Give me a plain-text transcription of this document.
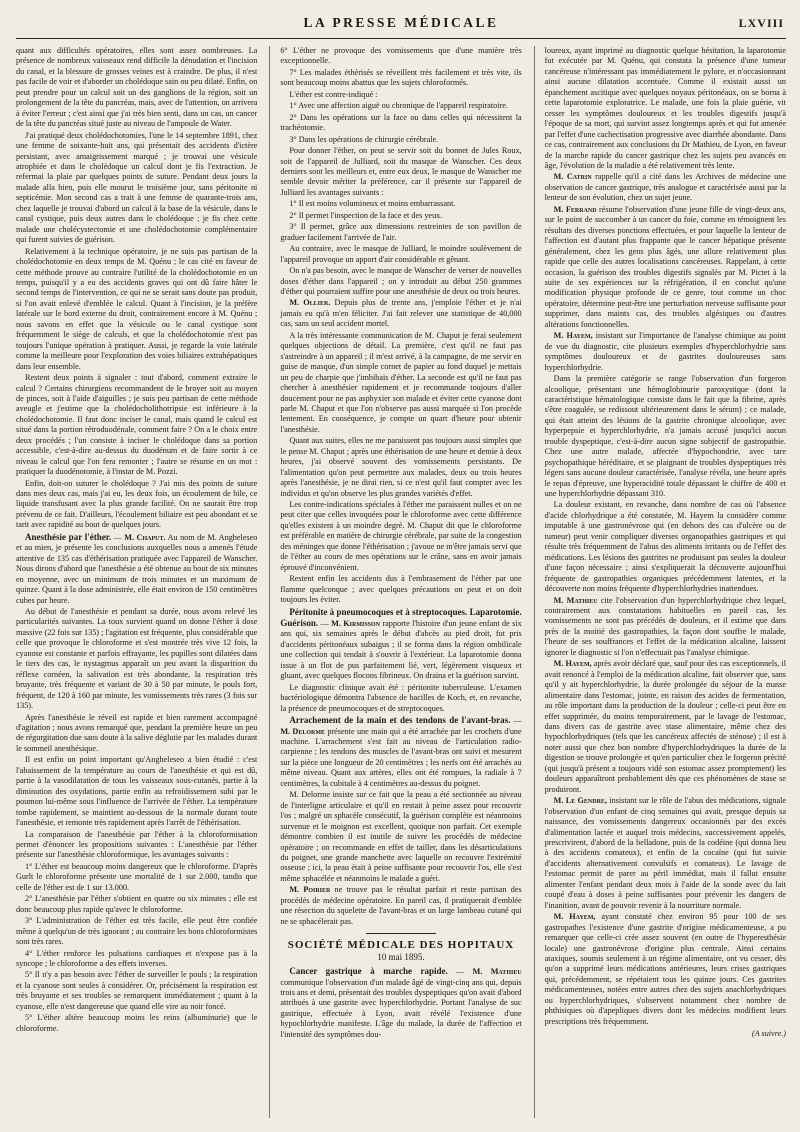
LA PRESSE MÉDICALE	LXVIII

quant aux difficultés opératoires, elles sont assez nombreuses. La présence de nombreux vaisseaux rend difficile la dénudation et l'incision du canal, et la blessure de grosses veines est à craindre. De plus, il n'est pas facile de voir et d'aborder un cholédoque sain ou peu dilaté. Enfin, on peut prendre pour un calcul soit un des ganglions de la région, soit un prolongement de la tête du pancréas, mais, avec de l'attention, on arrivera à éviter l'erreur ; c'est ainsi que j'ai très bien senti, dans un cas, un cancer de la tête du pancréas situé juste au niveau de l'ampoule de Water.

J'ai pratiqué deux cholédochotomies, l'une le 14 septembre 1891, chez une femme de soixante-huit ans, qui présentait des accidents d'ictère persistant, avec amaigrissement marqué ; je trouvai une vésicule atrophiée et dans le cholédoque un calcul dont je fis l'extraction. Je refermai la plaie par quelques points de suture. Pendant deux jours la malade alla bien, puis elle mourut le troisième jour, sans péritonite ni septicémie. Mon second cas a trait à une femme de quarante-trois ans, chez laquelle je trouvai d'abord un calcul à la base de la vésicule, dans le canal cystique, puis deux autres dans le cholédoque ; je fis chez cette malade une cholécystectomie et une cholédochotomie complémentaire qui furent suivies de guérison.

Relativement à la technique opératoire, je ne suis pas partisan de la cholédochotomie en deux temps de M. Quénu ; le cas cité en faveur de cette méthode prouve au contraire l'utilité de la cholédochotomie en un temps, puisqu'il y a eu des accidents graves qui ont dû faire hâter le second temps de l'intervention, ce qui ne se serait sans doute pas produit, si l'on avait enlevé d'emblée le calcul. Quant à l'incision, je la préfère latérale sur le bord externe du droit, contrairement encore à M. Quénu ; nous savons en effet que la vésicule ou le canal cystique sont fréquemment le siège de calculs, et que la cholédochotomie n'est pas toujours l'unique opération à pratiquer. Aussi, je regarde la voie latérale comme la meilleure pour l'exploration des voies biliaires extrahépatiques dans leur ensemble.

Restent deux points à signaler : tout d'abord, comment extraire le calcul ? Certains chirurgiens recommandent de le broyer soit au moyen de pinces, soit à l'aide d'aiguilles ; je suis peu partisan de cette méthode aveugle et j'estime que la cholédocholithotripsie est inférieure à la cholédochotomie. Il faut donc inciser le canal, mais quand le calcul est situé dans la portion rétroduodénale, comment faire ? On a le choix entre deux procédés ; l'un consiste à inciser le cholédoque dans sa portion accessible, c'est-à-dire au-dessus du duodénum et de faire sortir à ce niveau le calcul que l'on fera remonter ; l'autre se résume en un mot : pratiquer la duodénotomie, à l'instar de M. Pozzi.

Enfin, doit-on suturer le cholédoque ? J'ai mis des points de suture dans mes deux cas, mais j'ai eu, les deux fois, un écoulement de bile, ce liquide transfusant avec la plus grande facilité. On ne saurait être trop prévenu de ce fait. D'ailleurs, l'écoulement biliaire est peu abondant et se tarit avec rapidité au bout de quelques jours.

Anesthésie par l'éther. — M. Chaput. Au nom de M. Angheleseo et au mien, je présente les conclusions auxquelles nous a amenés l'étude attentive de 135 cas d'éthérisation pratiquée avec l'appareil de Wanscher. Nous dirons d'abord que l'anesthésie a été obtenue au bout de six minutes en moyenne, avec un minimum de trois minutes et un maximum de quinze. Quant à la dose administrée, elle était environ de 150 centimètres cubes par heure.

Au début de l'anesthésie et pendant sa durée, nous avons relevé les particularités suivantes. La toux survient quand on donne l'éther à dose massive (22 fois sur 135) ; l'agitation est fréquente, plus considérable que celle que provoque le chloroforme et s'est montrée très vive 12 fois, la cyanose est constante et parfois effrayante, les pupilles sont dilatées dans le tiers des cas, le nystagmus apparaît un peu avant la disparition du réflexe cornéen, la salivation est très abondante, la respiration très bruyante, très fréquente et variant de 30 à 50 par minute, le pouls fort, fréquent, de 120 à 160 par minute, les vomissements très rares (3 fois sur 135).

Après l'anesthésie le réveil est rapide et bien rarement accompagné d'agitation ; nous avons remarqué que, pendant la première heure un peu de régurgitation due sans doute à la salive déglutie par les malades durant le sommeil anesthésique.

Il est enfin un point important qu'Angheleseo a bien étudié : c'est l'abaissement de la température au cours de l'anesthésie et qui est dû, partie à la vasodilatation de tous les vaisseaux sous-cutanés, partie à la diminution des oxydations, partie enfin au refroidissement subi par le poumon lui-même sous l'influence de l'arrivée de l'éther. La température tombe rapidement, se maintient au-dessous de la normale durant toute l'anesthésie, et remonte très rapidement après l'arrêt de l'éthérisation.

La comparaison de l'anesthésie par l'éther à la chloroformisation permet d'énoncer les propositions suivantes : L'anesthésie par l'éther présente sur l'anesthésie chloroformique, les avantages suivants :

1° L'éther est beaucoup moins dangereux que le chloroforme. D'après Gurlt le chloroforme présente une mortalité de 1 sur 2.000, tandis que celle de l'éther est de 1 sur 13.000.

2° L'anesthésie par l'éther s'obtient en quatre ou six minutes ; elle est donc beaucoup plus rapide qu'avec le chloroforme.

3° L'administration de l'éther est très facile, elle peut être confiée même à quelqu'un de très ignorant ; au contraire les bons chloroformistes sont très rares.

4° L'éther renforce les pulsations cardiaques et n'expose pas à la syncope ; le chloroforme a des effets inverses.

5° Il n'y a pas besoin avec l'éther de surveiller le pouls ; la respiration et la cyanose sont seules à considérer. Or, précisément la respiration est très bruyante et ses troubles se remarquent immédiatement ; quant à la cyanose, elle n'est dangereuse que quand elle vire au noir foncé.

5° L'éther altère beaucoup moins les reins (albuminurie) que le chloroforme.

6° L'éther ne provoque des vomissements que d'une manière très exceptionnelle.

7° Les malades éthérisés se réveillent très facilement et très vite, ils sont beaucoup moins abattus que les sujets chloroformés.

L'éther est contre-indiqué :

1° Avec une affection aiguë ou chronique de l'appareil respiratoire.

2° Dans les opérations sur la face ou dans celles qui nécessitent la trachéotomie.

3° Dans les opérations de chirurgie cérébrale.

Pour donner l'éther, on peut se servir soit du bonnet de Jules Roux, soit de l'appareil de Julliard, soit du masque de Wanscher. Ces deux derniers sont les meilleurs et, entre eux deux, le masque de Wanscher me semble devoir mériter la préférence, car il présente sur l'appareil de Julliard les avantages suivants :

1° Il est moins volumineux et moins embarrassant.

2° Il permet l'inspection de la face et des yeux.

3° Il permet, grâce aux dimensions restreintes de son pavillon de graduer facilement l'arrivée de l'air.

Au contraire, avec le masque de Julliard, le moindre soulèvement de l'appareil provoque un apport d'air considérable et gênant.

On n'a pas besoin, avec le masque de Wanscher de verser de nouvelles doses d'éther dans l'appareil ; on y introduit au début 250 grammes d'éther qui pourraient suffire pour une anesthésie de deux ou trois heures.

M. Ollier. Depuis plus de trente ans, j'emploie l'éther et je n'ai jamais eu qu'à m'en féliciter. J'ai fait relever une statistique de 40,000 cas, sans un seul accident mortel.

A la très intéressante communication de M. Chaput je ferai seulement quelques objections de détail. La première, c'est qu'il ne faut pas s'astreindre à un appareil ; il m'est arrivé, à la campagne, de me servir en guise de masque, d'un simple cornet de papier au fond duquel je mettais un peu de charpie que j'imbibais d'éther. La seconde est qu'il ne faut pas chercher à anesthésier rapidement et je recommande toujours d'aller doucement pour ne pas asphyxier son malade et éviter cette cyanose dont parle M. Chaput et que l'on n'observe pas aussi marquée si l'on procède lentement. En conséquence, je compte un quart d'heure pour obtenir l'anesthésie.

Quant aux suites, elles ne me paraissent pas toujours aussi simples que le pense M. Chaput ; après une éthérisation de une heure et demie à deux heures, j'ai observé souvent des vomissements persistants. De l'alimentation qu'on peut permettre aux malades, deux ou trois heures après l'anesthésie, je ne dirai rien, si ce n'est qu'il faut compter avec les individus et qu'on observe les plus grandes variétés d'effet.

Les contre-indications spéciales à l'éther me paraissent nulles et on ne peut citer que celles invoquées pour le chloroforme avec cette différence qu'elles existent à un moindre degré. M. Chaput dit que le chloroforme est préférable en matière de chirurgie cérébrale, par suite de la congestion des méninges que donne l'éthérisation ; j'avoue ne m'être jamais servi que de l'éther au cours de mes opérations sur le crâne, sans en avoir jamais éprouvé d'inconvénient.

Restent enfin les accidents dus à l'embrasement de l'éther par une flamme quelconque ; avec quelques précautions on peut et on doit toujours les éviter.

Péritonite à pneumocoques et à streptocoques. Laparotomie. Guérison. — M. Kirmisson rapporte l'histoire d'un jeune enfant de six ans qui, six semaines après le début d'abcès au pied droit, fut pris d'accidents péritonéaux subaigus ; il se forma dans la région ombilicale une collection qui tendait à s'ouvrir à l'extérieur. La laparotomie donna issue à un flot de pus parfaitement lié, vert, légèrement visqueux et gluant, avec quelques flocons fibrineux. On draina et la guérison survint.

Le diagnostic clinique avait été : péritonite tuberculeuse. L'examen bactériologique démontra l'absence de bacilles de Koch, et, en revanche, la présence de pneumocoques et de streptocoques.

Arrachement de la main et des tendons de l'avant-bras. — M. Delorme présente une main qui a été arrachée par les crochets d'une machine. L'arrachement s'est fait au niveau de l'articulation radio-carpienne ; les tendons des muscles de l'avant-bras ont suivi et mesurent sur la pièce une longueur de 20 centimètres ; les nerfs ont été arrachés au même niveau. Quant aux artères, elles ont été rompues, la radiale à 7 centimètres, la cubitale à 4 centimètres au-dessus du poignet.

M. Delorme insiste sur ce fait que la peau a été sectionnée au niveau de l'interligne articulaire et qu'il en restait à peine assez pour recouvrir l'os ; malgré un sphacèle consécutif, la guérison complète est néanmoins survenue et le moignon est excellent, quoique non parfait. Cet exemple démontre combien il est inutile de suivre les procédés de médecine opératoire ; on recommande en effet de tailler, dans les désarticulations du poignet, une grande manchette avec laquelle on recouvre l'extrémité osseuse ; ici, la peau était à peine suffisante pour recouvrir l'os, elle s'est même sphacélée et néanmoins le malade a guéri.

M. Poirier ne trouve pas le résultat parfait et reste partisan des procédés de médecine opératoire. En pareil cas, il pratiquerait d'emblée une résection du squelette de l'avant-bras et un large lambeau cutané qui ne se sphacélerait pas.

SOCIÉTÉ MÉDICALE DES HOPITAUX
10 mai 1895.

Cancer gastrique à marche rapide. — M. Mathieu communique l'observation d'un malade âgé de vingt-cinq ans qui, depuis trois ans et demi, présentait des troubles dyspeptiques qu'on avait d'abord attribués à une gastrite avec hyperchlorhydrie. Portant l'analyse de suc gastrique, effectuée à Lyon, avait révélé l'existence d'une hypochlorhydrie manifeste. L'âge du malade, la durée de l'affection et l'intensité des symptômes dou-

loureux, ayant imprimé au diagnostic quelque hésitation, la laparotomie fut exécutée par M. Quénu, qui constata la présence d'une tumeur cancéreuse n'intéressant pas immédiatement le pylore, et n'occasionnant ainsi aucune dilatation accentuée. Comme il existait aussi un épanchement ascitique avec quelques noyaux péritonéaux, on se borna à cette laparotomie exploratrice. Le malade, une fois la plaie guérie, vit cesser les symptômes douloureux et les troubles digestifs jusqu'à l'époque de sa mort, qui survint assez longtemps après et qui fut amenée par l'effet d'une cachectisation progressive avec diarrhée abondante. Dans ce cas, contrairement aux conclusions du Dr Mathieu, de Lyon, en faveur de la marche rapide du cancer gastrique chez les sujets peu avancés en âge, l'évolution de la maladie a été relativement très lente.

M. Catrin rappelle qu'il a cité dans les Archives de médecine une observation de cancer gastrique, très analogue et caractérisée aussi par la lenteur de son évolution, chez un sujet jeune.

M. Ferrand résume l'observation d'une jeune fille de vingt-deux ans, sur le point de succomber à un cancer du foie, comme en témoignent les résultats des diverses ponctions effectuées, et pour laquelle la lenteur de l'affection est d'autant plus frappante que le cancer hépatique présente généralement, chez les gens plus âgés, une allure relativement plus rapide que celle des autres localisations cancéreuses. Rappelant, à cette occasion, la guérison des troubles digestifs signalés par M. Pictet à la suite de ses expériences sur la réfrigération, il en conclut qu'une modification physique profonde de ce genre, tout comme un choc opératoire, détermine peut-être une perturbation nerveuse suffisante pour supprimer, dans maints cas, des troubles algésiques ou d'autres altérations fonctionnelles.

M. Hayem, insistant sur l'importance de l'analyse chimique au point de vue du diagnostic, cite plusieurs exemples d'hyperchlorhydrie sans symptômes douloureux et de gastrites douloureuses sans hyperchlorhydrie.

Dans la première catégorie se range l'observation d'un forgeron alcoolique, présentant une hémoglobinurie paroxystique (dont la caractéristique hématologique consiste dans le fait que la fibrine, après s'être coagulée, se redissout ultérieurement dans le sérum) ; ce malade, qui était atteint des lésions de la gastrite chronique alcoolique, avec hyperpepsie et hyperchlorhydrie, n'a jamais accusé jusqu'ici aucun trouble dyspeptique, c'est-à-dire aucun signe subjectif de gastropathie. Chez une autre malade, affectée d'hypochondrie, avec tare psychopathique héréditaire, et se plaignant de troubles dyspeptiques très légers sans aucune douleur caractérisée, l'analyse révéla, une heure après le repas d'épreuve, une hyperacidité totale dépassant le chiffre de 400 et une hyperchlorhydrie dépassant 310.

La douleur existant, en revanche, dans nombre de cas où l'absence d'acide chlorhydrique a été constatée, M. Hayem la considère comme imputable à une gastronévrose qui (en dehors des cas d'ulcère ou de tumeur) peut venir compliquer diverses organopathies gastriques et qui résulte très fréquemment de l'abus des aliments irritants ou de l'effet des médications. Les lésions des gastrites ne produisant pas seules la douleur d'une façon nécessaire ; ainsi s'expliquerait la découverte aujourd'hui fréquente de gastropathies organiques précédemment latentes, et la découverte non moins fréquente d'hyperchlorhydries inattendues.

M. Mathieu cite l'observation d'un hyperchlorhydrique chez lequel, contrairement aux constatations habituelles en pareil cas, les vomissements ne sont pas précédés de douleurs, et il estime que dans près de la moitié des gastropathies, la façon dont souffre le malade, l'heure de ses souffrances et l'effet de la médication alcaline, laissent ignorer le diagnostic si l'on n'effectuait pas l'analyse chimique.

M. Hayem, après avoir déclaré que, sauf pour des cas exceptionnels, il avait renoncé à l'emploi de la médication alcaline, fait observer que, sans qu'il y ait hyperchlorhydrie, la durée prolongée du séjour de la masse alimentaire dans l'estomac, jointe, en raison des acides de fermentation, au rôle important dans la production de la douleur ; celle-ci peut être en effet supprimée, du moins temporairement, par le lavage de l'estomac, dans divers cas de gastrite avec stase alimentaire, même chez des hypochlorhydriques (tels que les cancéreux affectés de sténose) ; il est à noter aussi que chez bon nombre d'hyperchlorhydriques la durée de la digestion se trouve prolongée et qu'en particulier chez le forgeron précité (qui jusqu'à présent a toujours vidé son estomac assez promptement) les douleurs apparaîtront probablement dès que ces phénomènes de stase se produiront.

M. Le Gendre, insistant sur le rôle de l'abus des médications, signale l'observation d'un enfant de cinq semaines qui avait, presque depuis sa naissance, des vomissements dangereux occasionnés par des excès d'alimentation lactée et auquel trois médecins, successivement appelés, prescrivirent, d'abord de la belladone, puis de la codéine (qui donna lieu à des accidents comateux), et enfin de la cocaïne (qui fut suivie d'accidents alternativement convulsifs et comateux). Le lavage de l'estomac permit de parer au péril immédiat, mais il fallut ensuite alimenter l'enfant pendant deux mois à l'aide de la sonde avec du lait coupé d'eau à doses à peine suffisantes pour prévenir les dangers de l'inanition, avant de pouvoir revenir à la nourriture normale.

M. Hayem, ayant constaté chez environ 95 pour 100 de ses gastropathes l'existence d'une gastrite d'origine médicamenteuse, a pu remarquer que celle-ci crée assez souvent (en outre de l'hyperesthésie locale) une gastronévrose d'origine plus centrale. Ainsi certains ataxiques, soumis seulement à un régime alimentaire, ont vu cesser, dès qu'on a supprimé leurs médications antérieures, leurs crises gastriques qui, précédemment, se répétaient tous les quinze jours. Ces gastrites médicamenteuses, notées entre autres chez des sujets anachlorhydriques ou hyperchlorhydriques, s'observent notamment chez nombre de phthisiques où d'apepliques divers dont les médecins modifient leurs prescriptions très fréquemment.

(A suivre.)
